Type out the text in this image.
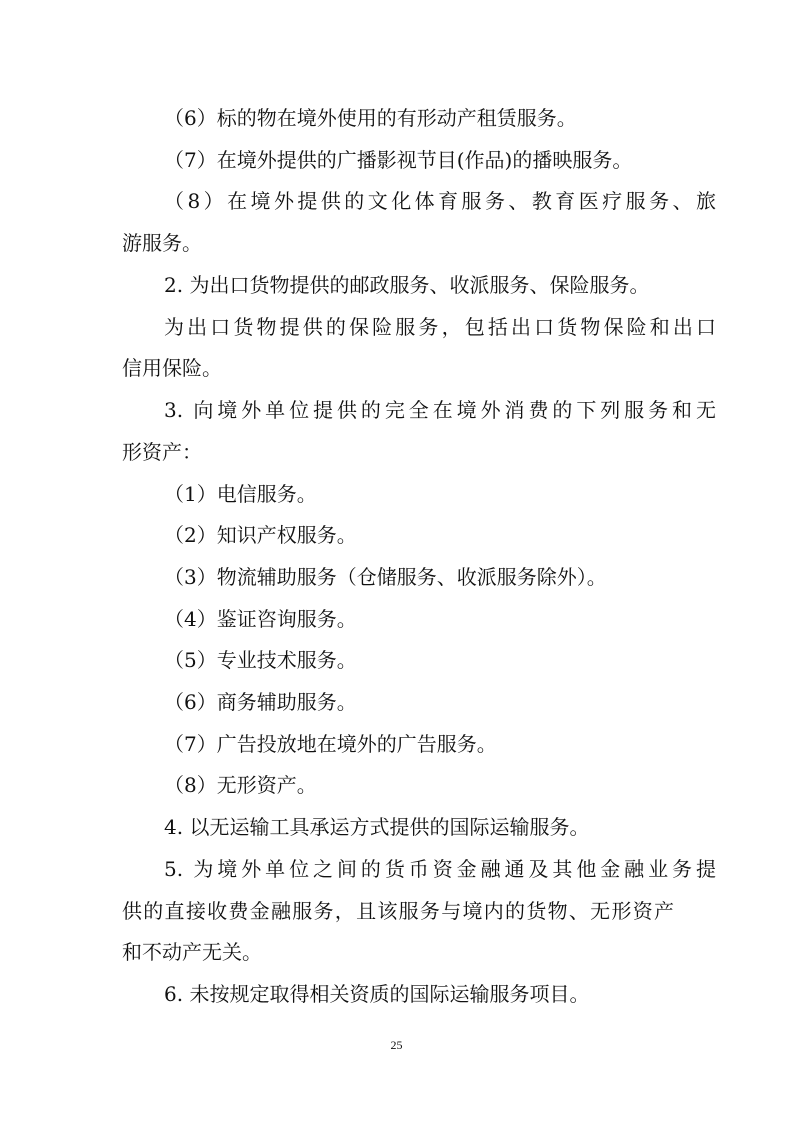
（6）标的物在境外使用的有形动产租赁服务。
（7）在境外提供的广播影视节目(作品)的播映服务。
（8）在境外提供的文化体育服务、教育医疗服务、旅
游服务。
2. 为出口货物提供的邮政服务、收派服务、保险服务。
为出口货物提供的保险服务，包括出口货物保险和出口
信用保险。
3. 向境外单位提供的完全在境外消费的下列服务和无
形资产：
（1）电信服务。
（2）知识产权服务。
（3）物流辅助服务（仓储服务、收派服务除外）。
（4）鉴证咨询服务。
（5）专业技术服务。
（6）商务辅助服务。
（7）广告投放地在境外的广告服务。
（8）无形资产。
4. 以无运输工具承运方式提供的国际运输服务。
5. 为境外单位之间的货币资金融通及其他金融业务提
供的直接收费金融服务，且该服务与境内的货物、无形资产
和不动产无关。
6. 未按规定取得相关资质的国际运输服务项目。
25
